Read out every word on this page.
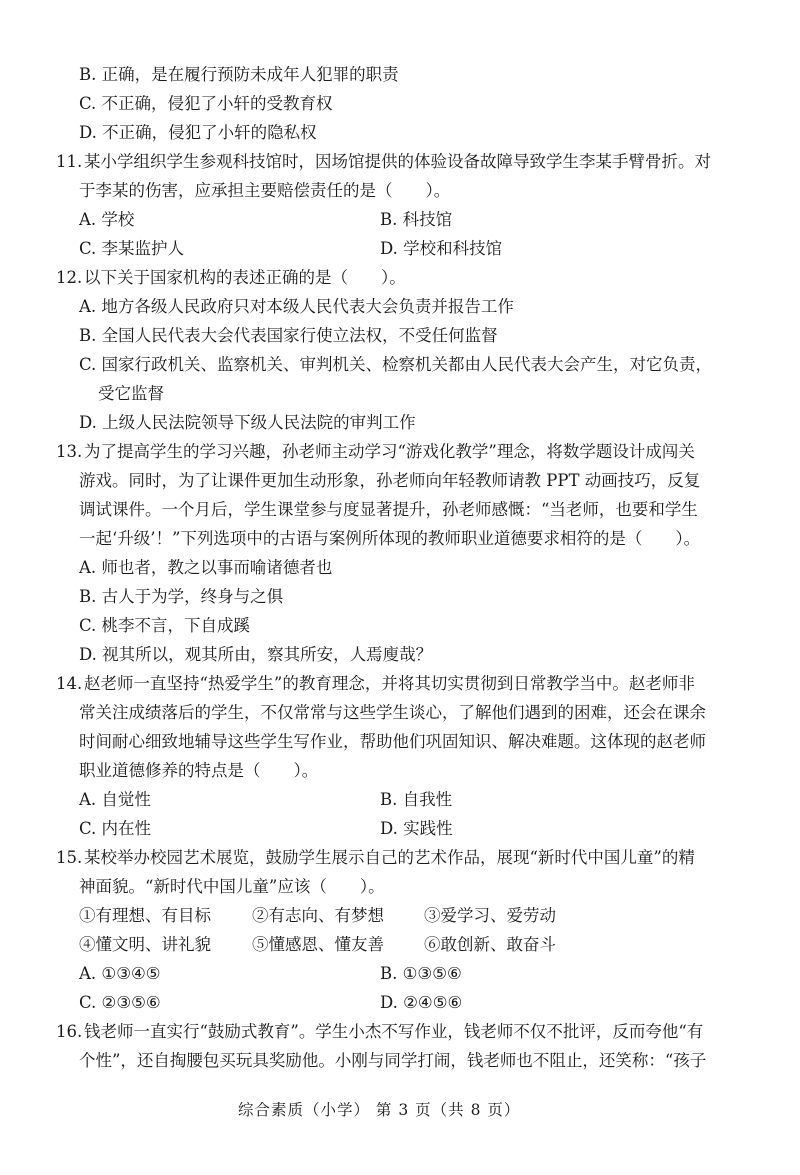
B. 正确，是在履行预防未成年人犯罪的职责
C. 不正确，侵犯了小轩的受教育权
D. 不正确，侵犯了小轩的隐私权
11. 某小学组织学生参观科技馆时，因场馆提供的体验设备故障导致学生李某手臂骨折。对
于李某的伤害，应承担主要赔偿责任的是（　　）。
A. 学校	B. 科技馆
C. 李某监护人	D. 学校和科技馆
12. 以下关于国家机构的表述正确的是（　　）。
A. 地方各级人民政府只对本级人民代表大会负责并报告工作
B. 全国人民代表大会代表国家行使立法权，不受任何监督
C. 国家行政机关、监察机关、审判机关、检察机关都由人民代表大会产生，对它负责，
受它监督
D. 上级人民法院领导下级人民法院的审判工作
13. 为了提高学生的学习兴趣，孙老师主动学习“游戏化教学”理念，将数学题设计成闯关
游戏。同时，为了让课件更加生动形象，孙老师向年轻教师请教 PPT 动画技巧，反复
调试课件。一个月后，学生课堂参与度显著提升，孙老师感慨：“当老师，也要和学生
一起‘升级’！”下列选项中的古语与案例所体现的教师职业道德要求相符的是（　　）。
A. 师也者，教之以事而喻诸德者也
B. 古人于为学，终身与之俱
C. 桃李不言，下自成蹊
D. 视其所以，观其所由，察其所安，人焉廋哉？
14. 赵老师一直坚持“热爱学生”的教育理念，并将其切实贯彻到日常教学当中。赵老师非
常关注成绩落后的学生，不仅常常与这些学生谈心，了解他们遇到的困难，还会在课余
时间耐心细致地辅导这些学生写作业，帮助他们巩固知识、解决难题。这体现的赵老师
职业道德修养的特点是（　　）。
A. 自觉性	B. 自我性
C. 内在性	D. 实践性
15. 某校举办校园艺术展览，鼓励学生展示自己的艺术作品，展现“新时代中国儿童”的精
神面貌。“新时代中国儿童”应该（　　）。
①有理想、有目标 ②有志向、有梦想 ③爱学习、爱劳动
④懂文明、讲礼貌 ⑤懂感恩、懂友善 ⑥敢创新、敢奋斗
A. ①③④⑤	B. ①③⑤⑥
C. ②③⑤⑥	D. ②④⑤⑥
16. 钱老师一直实行“鼓励式教育”。学生小杰不写作业，钱老师不仅不批评，反而夸他“有
个性”，还自掏腰包买玩具奖励他。小刚与同学打闹，钱老师也不阻止，还笑称：“孩子
综合素质（小学） 第 3 页（共 8 页）
